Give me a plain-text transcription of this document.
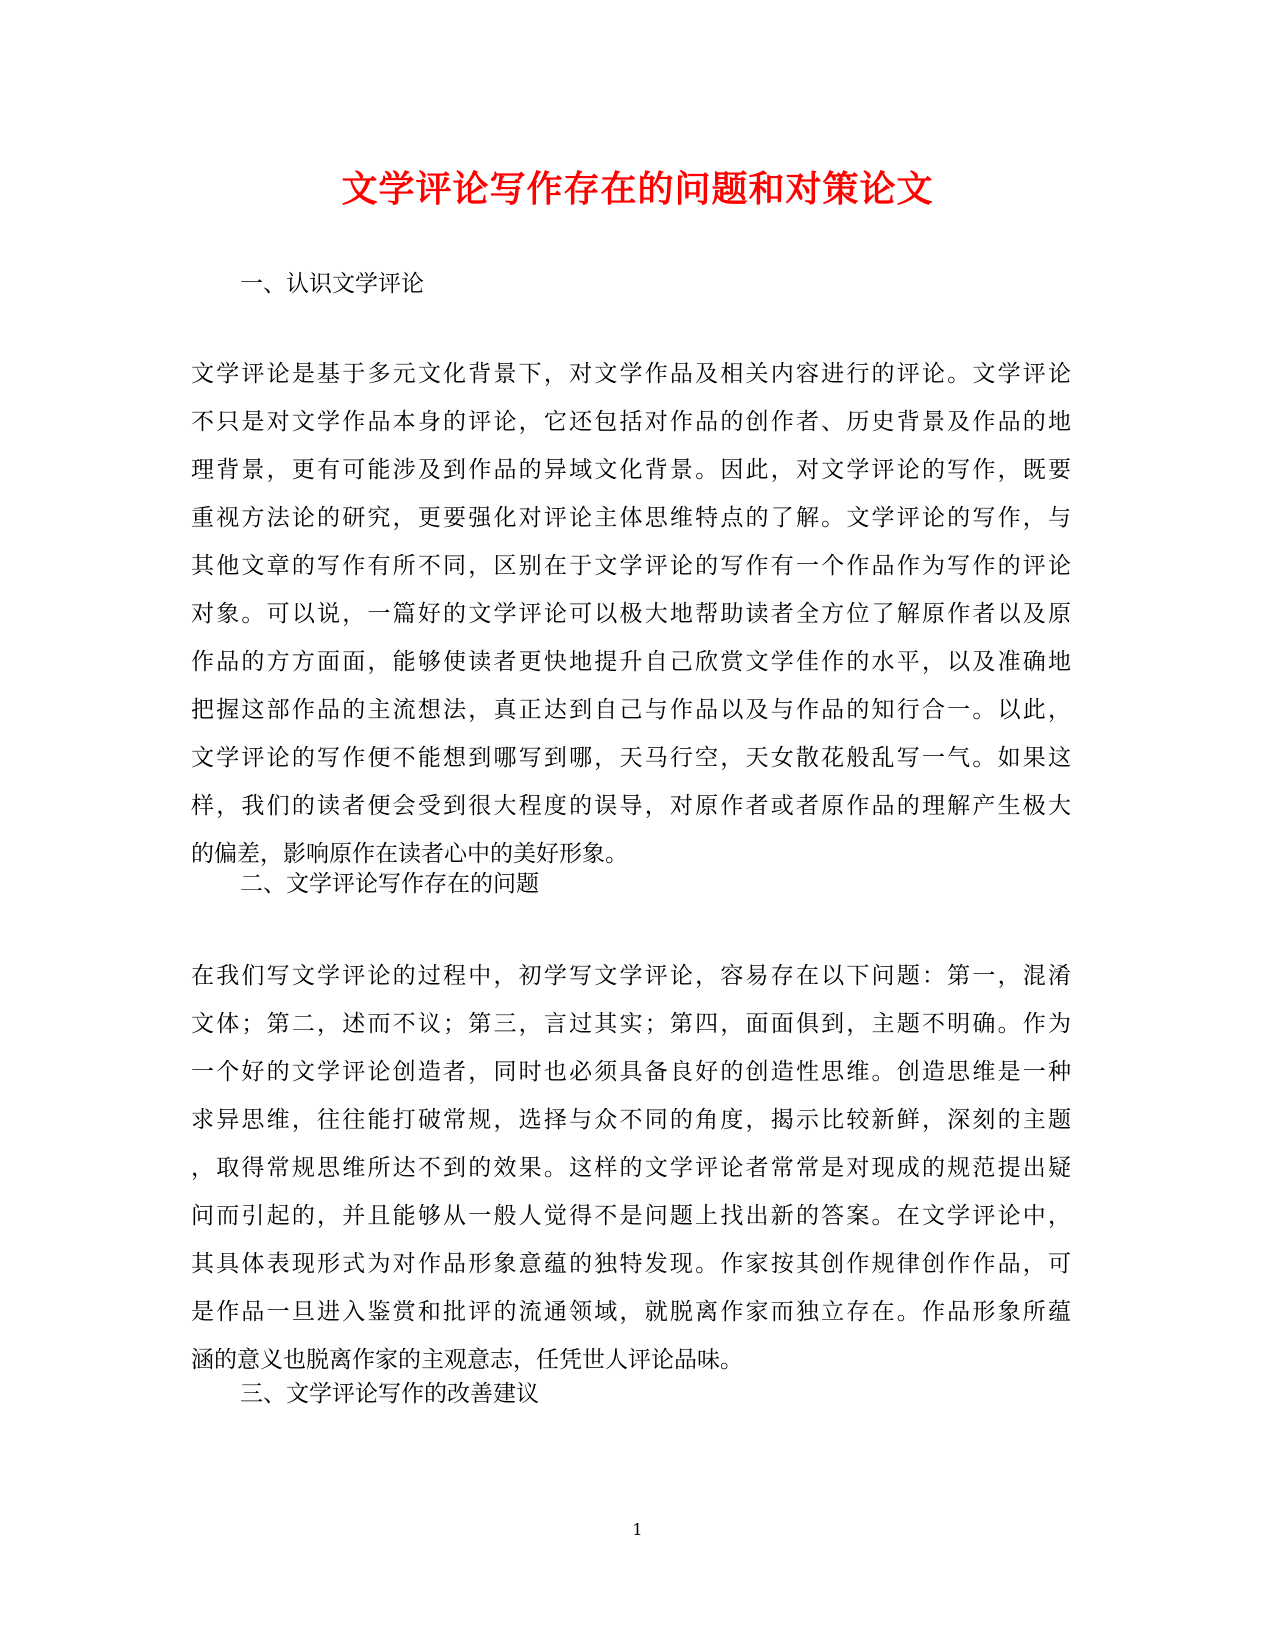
文学评论写作存在的问题和对策论文
一、认识文学评论
文学评论是基于多元文化背景下，对文学作品及相关内容进行的评论。文学评论
不只是对文学作品本身的评论，它还包括对作品的创作者、历史背景及作品的地
理背景，更有可能涉及到作品的异域文化背景。因此，对文学评论的写作，既要
重视方法论的研究，更要强化对评论主体思维特点的了解。文学评论的写作，与
其他文章的写作有所不同，区别在于文学评论的写作有一个作品作为写作的评论
对象。可以说，一篇好的文学评论可以极大地帮助读者全方位了解原作者以及原
作品的方方面面，能够使读者更快地提升自己欣赏文学佳作的水平，以及准确地
把握这部作品的主流想法，真正达到自己与作品以及与作品的知行合一。以此，
文学评论的写作便不能想到哪写到哪，天马行空，天女散花般乱写一气。如果这
样，我们的读者便会受到很大程度的误导，对原作者或者原作品的理解产生极大
的偏差，影响原作在读者心中的美好形象。
二、文学评论写作存在的问题
在我们写文学评论的过程中，初学写文学评论，容易存在以下问题：第一，混淆
文体；第二，述而不议；第三，言过其实；第四，面面俱到，主题不明确。作为
一个好的文学评论创造者，同时也必须具备良好的创造性思维。创造思维是一种
求异思维，往往能打破常规，选择与众不同的角度，揭示比较新鲜，深刻的主题
，取得常规思维所达不到的效果。这样的文学评论者常常是对现成的规范提出疑
问而引起的，并且能够从一般人觉得不是问题上找出新的答案。在文学评论中，
其具体表现形式为对作品形象意蕴的独特发现。作家按其创作规律创作作品，可
是作品一旦进入鉴赏和批评的流通领域，就脱离作家而独立存在。作品形象所蕴
涵的意义也脱离作家的主观意志，任凭世人评论品味。
三、文学评论写作的改善建议
1
